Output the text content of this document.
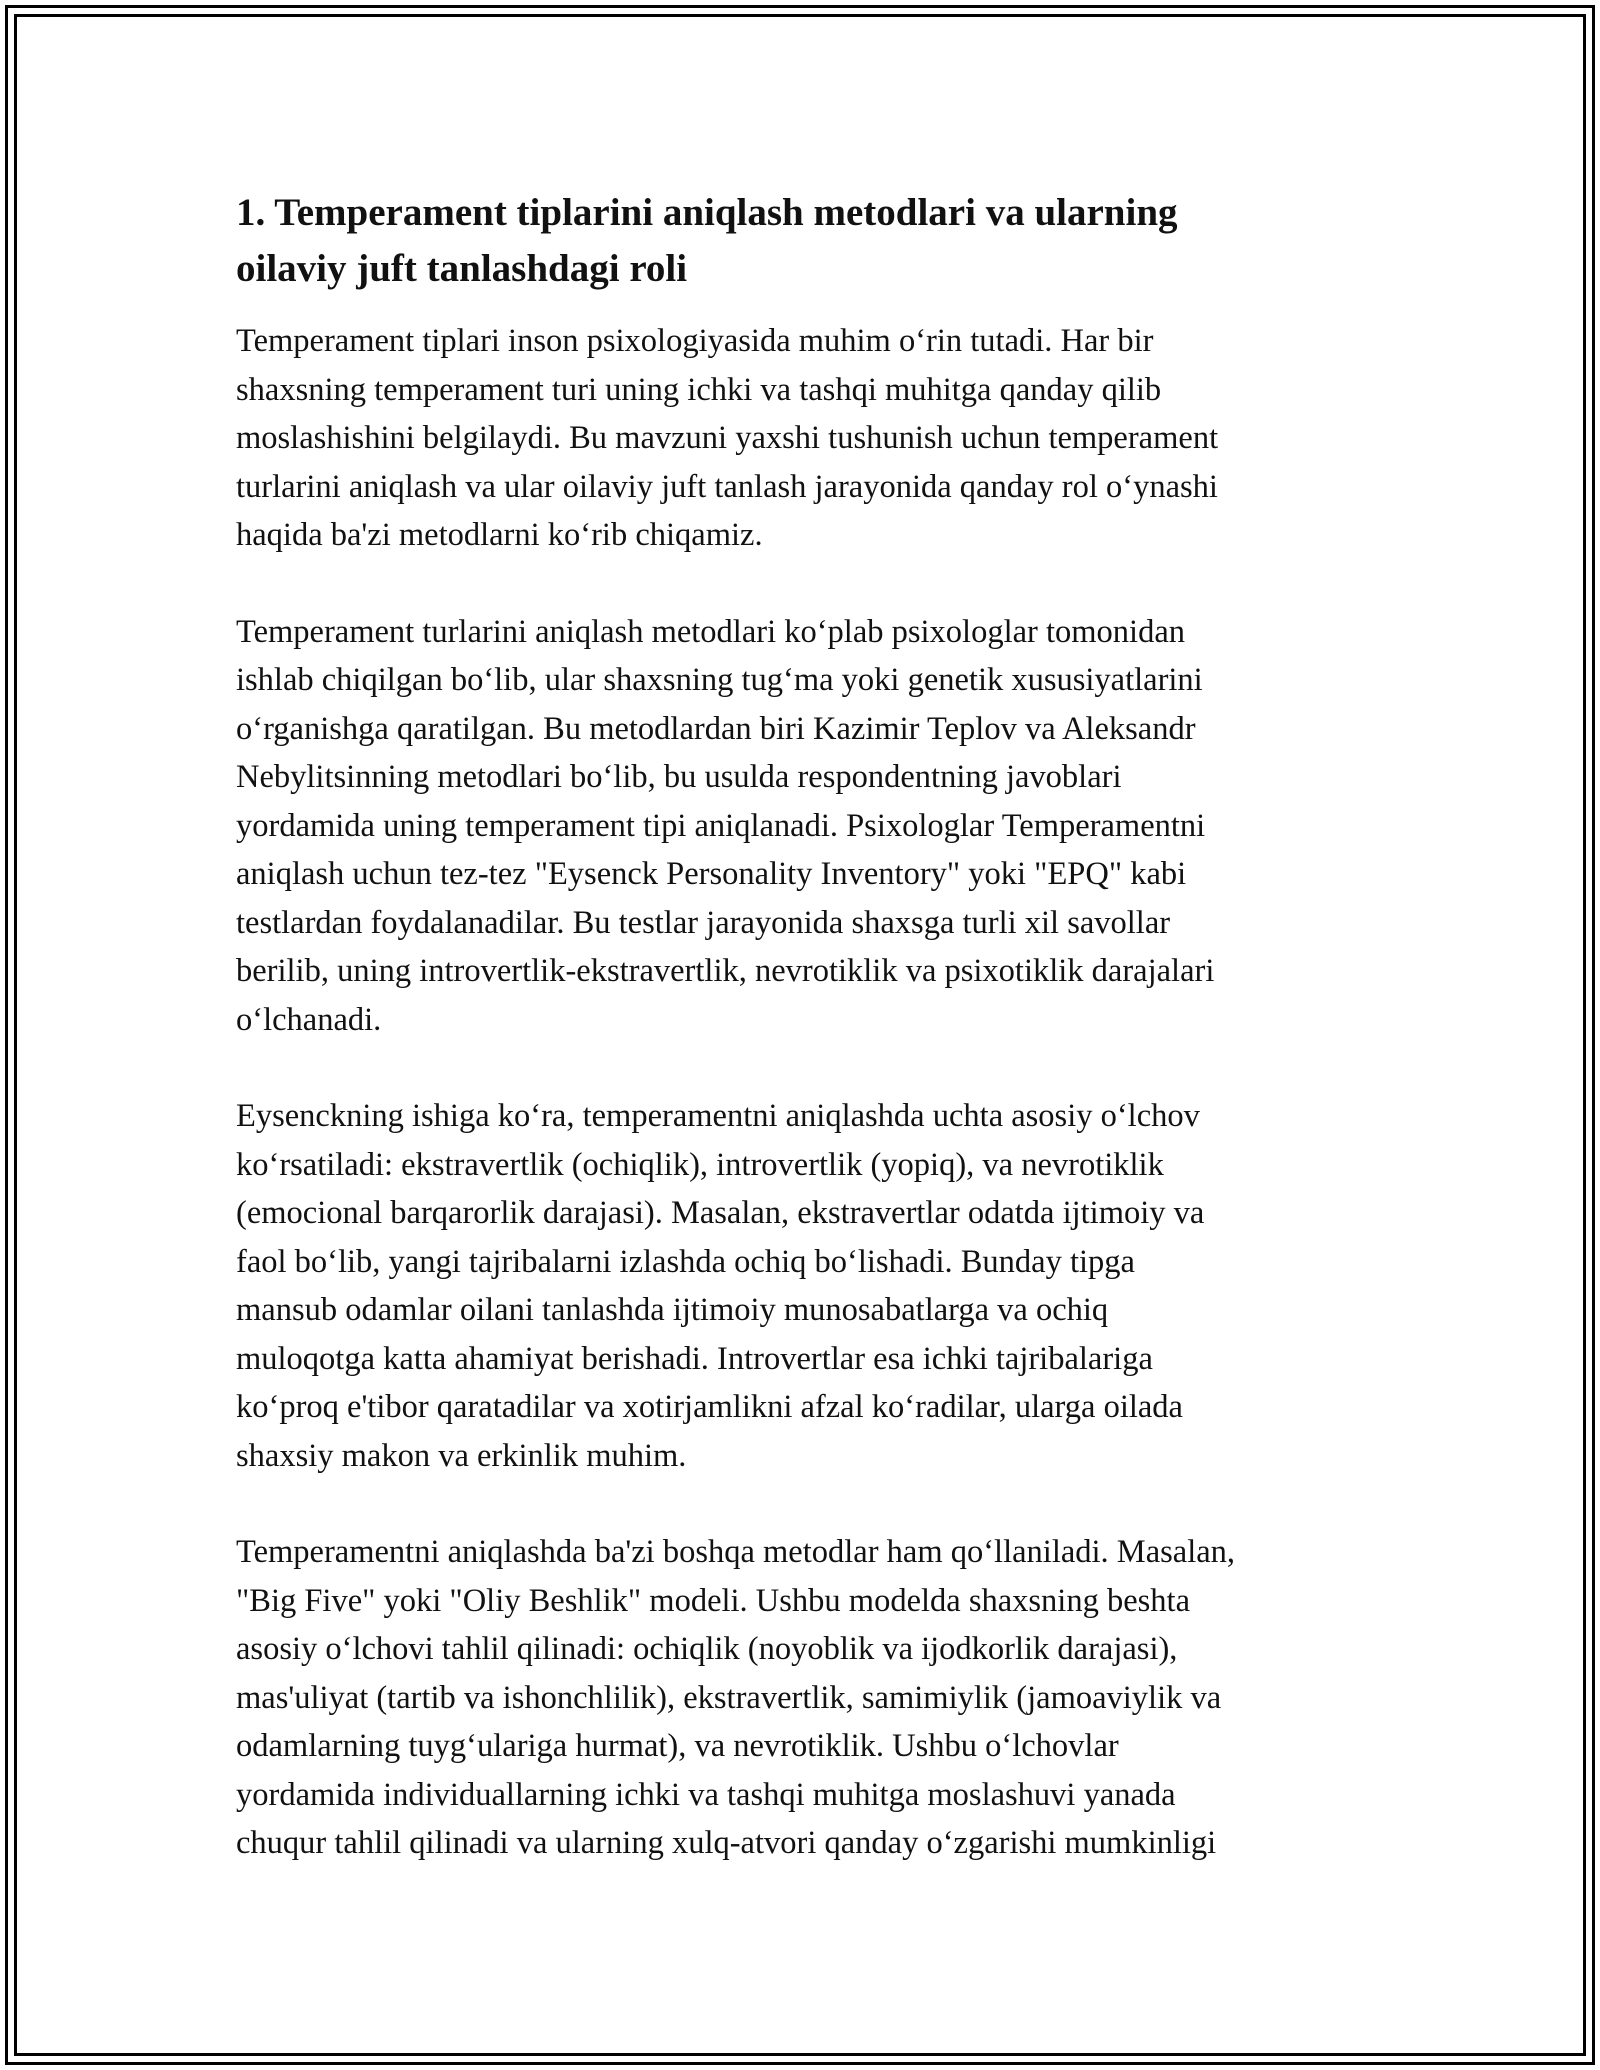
1. Temperament tiplarini aniqlash metodlari va ularning
oilaviy juft tanlashdagi roli

Temperament tiplari inson psixologiyasida muhim o‘rin tutadi. Har bir
shaxsning temperament turi uning ichki va tashqi muhitga qanday qilib
moslashishini belgilaydi. Bu mavzuni yaxshi tushunish uchun temperament
turlarini aniqlash va ular oilaviy juft tanlash jarayonida qanday rol o‘ynashi
haqida ba'zi metodlarni ko‘rib chiqamiz.

Temperament turlarini aniqlash metodlari ko‘plab psixologlar tomonidan
ishlab chiqilgan bo‘lib, ular shaxsning tug‘ma yoki genetik xususiyatlarini
o‘rganishga qaratilgan. Bu metodlardan biri Kazimir Teplov va Aleksandr
Nebylitsinning metodlari bo‘lib, bu usulda respondentning javoblari
yordamida uning temperament tipi aniqlanadi. Psixologlar Temperamentni
aniqlash uchun tez-tez "Eysenck Personality Inventory" yoki "EPQ" kabi
testlardan foydalanadilar. Bu testlar jarayonida shaxsga turli xil savollar
berilib, uning introvertlik-ekstravertlik, nevrotiklik va psixotiklik darajalari
o‘lchanadi.

Eysenckning ishiga ko‘ra, temperamentni aniqlashda uchta asosiy o‘lchov
ko‘rsatiladi: ekstravertlik (ochiqlik), introvertlik (yopiq), va nevrotiklik
(emocional barqarorlik darajasi). Masalan, ekstravertlar odatda ijtimoiy va
faol bo‘lib, yangi tajribalarni izlashda ochiq bo‘lishadi. Bunday tipga
mansub odamlar oilani tanlashda ijtimoiy munosabatlarga va ochiq
muloqotga katta ahamiyat berishadi. Introvertlar esa ichki tajribalariga
ko‘proq e'tibor qaratadilar va xotirjamlikni afzal ko‘radilar, ularga oilada
shaxsiy makon va erkinlik muhim.

Temperamentni aniqlashda ba'zi boshqa metodlar ham qo‘llaniladi. Masalan,
"Big Five" yoki "Oliy Beshlik" modeli. Ushbu modelda shaxsning beshta
asosiy o‘lchovi tahlil qilinadi: ochiqlik (noyoblik va ijodkorlik darajasi),
mas'uliyat (tartib va ishonchlilik), ekstravertlik, samimiylik (jamoaviylik va
odamlarning tuyg‘ulariga hurmat), va nevrotiklik. Ushbu o‘lchovlar
yordamida individuallarning ichki va tashqi muhitga moslashuvi yanada
chuqur tahlil qilinadi va ularning xulq-atvori qanday o‘zgarishi mumkinligi
